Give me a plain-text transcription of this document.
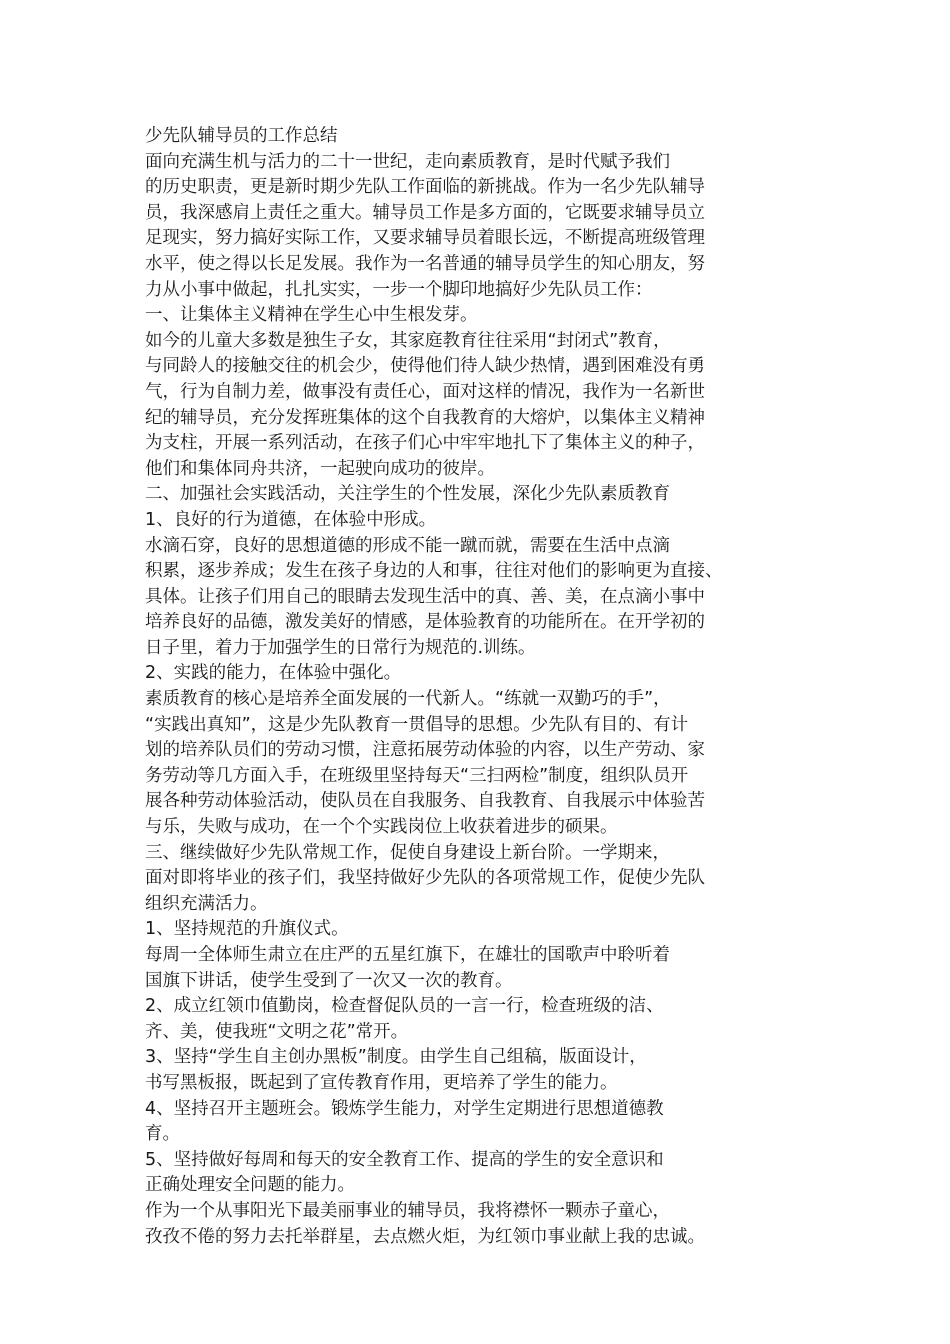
少先队辅导员的工作总结
面向充满生机与活力的二十一世纪，走向素质教育，是时代赋予我们
的历史职责，更是新时期少先队工作面临的新挑战。作为一名少先队辅导
员，我深感肩上责任之重大。辅导员工作是多方面的，它既要求辅导员立
足现实，努力搞好实际工作，又要求辅导员着眼长远，不断提高班级管理
水平，使之得以长足发展。我作为一名普通的辅导员学生的知心朋友，努
力从小事中做起，扎扎实实，一步一个脚印地搞好少先队员工作：
一、让集体主义精神在学生心中生根发芽。
如今的儿童大多数是独生子女，其家庭教育往往采用“封闭式”教育，
与同龄人的接触交往的机会少，使得他们待人缺少热情，遇到困难没有勇
气，行为自制力差，做事没有责任心，面对这样的情况，我作为一名新世
纪的辅导员，充分发挥班集体的这个自我教育的大熔炉，以集体主义精神
为支柱，开展一系列活动，在孩子们心中牢牢地扎下了集体主义的种子，
他们和集体同舟共济，一起驶向成功的彼岸。
二、加强社会实践活动，关注学生的个性发展，深化少先队素质教育
1、良好的行为道德，在体验中形成。
水滴石穿，良好的思想道德的形成不能一蹴而就，需要在生活中点滴
积累，逐步养成；发生在孩子身边的人和事，往往对他们的影响更为直接、
具体。让孩子们用自己的眼睛去发现生活中的真、善、美，在点滴小事中
培养良好的品德，激发美好的情感，是体验教育的功能所在。在开学初的
日子里，着力于加强学生的日常行为规范的.训练。
2、实践的能力，在体验中强化。
素质教育的核心是培养全面发展的一代新人。“练就一双勤巧的手”，
“实践出真知”，这是少先队教育一贯倡导的思想。少先队有目的、有计
划的培养队员们的劳动习惯，注意拓展劳动体验的内容，以生产劳动、家
务劳动等几方面入手，在班级里坚持每天“三扫两检”制度，组织队员开
展各种劳动体验活动，使队员在自我服务、自我教育、自我展示中体验苦
与乐，失败与成功，在一个个实践岗位上收获着进步的硕果。
三、继续做好少先队常规工作，促使自身建设上新台阶。一学期来，
面对即将毕业的孩子们，我坚持做好少先队的各项常规工作，促使少先队
组织充满活力。
1、坚持规范的升旗仪式。
每周一全体师生肃立在庄严的五星红旗下，在雄壮的国歌声中聆听着
国旗下讲话，使学生受到了一次又一次的教育。
2、成立红领巾值勤岗，检查督促队员的一言一行，检查班级的洁、
齐、美，使我班“文明之花”常开。
3、坚持“学生自主创办黑板”制度。由学生自己组稿，版面设计，
书写黑板报，既起到了宣传教育作用，更培养了学生的能力。
4、坚持召开主题班会。锻炼学生能力，对学生定期进行思想道德教
育。
5、坚持做好每周和每天的安全教育工作、提高的学生的安全意识和
正确处理安全问题的能力。
作为一个从事阳光下最美丽事业的辅导员，我将襟怀一颗赤子童心，
孜孜不倦的努力去托举群星，去点燃火炬，为红领巾事业献上我的忠诚。
